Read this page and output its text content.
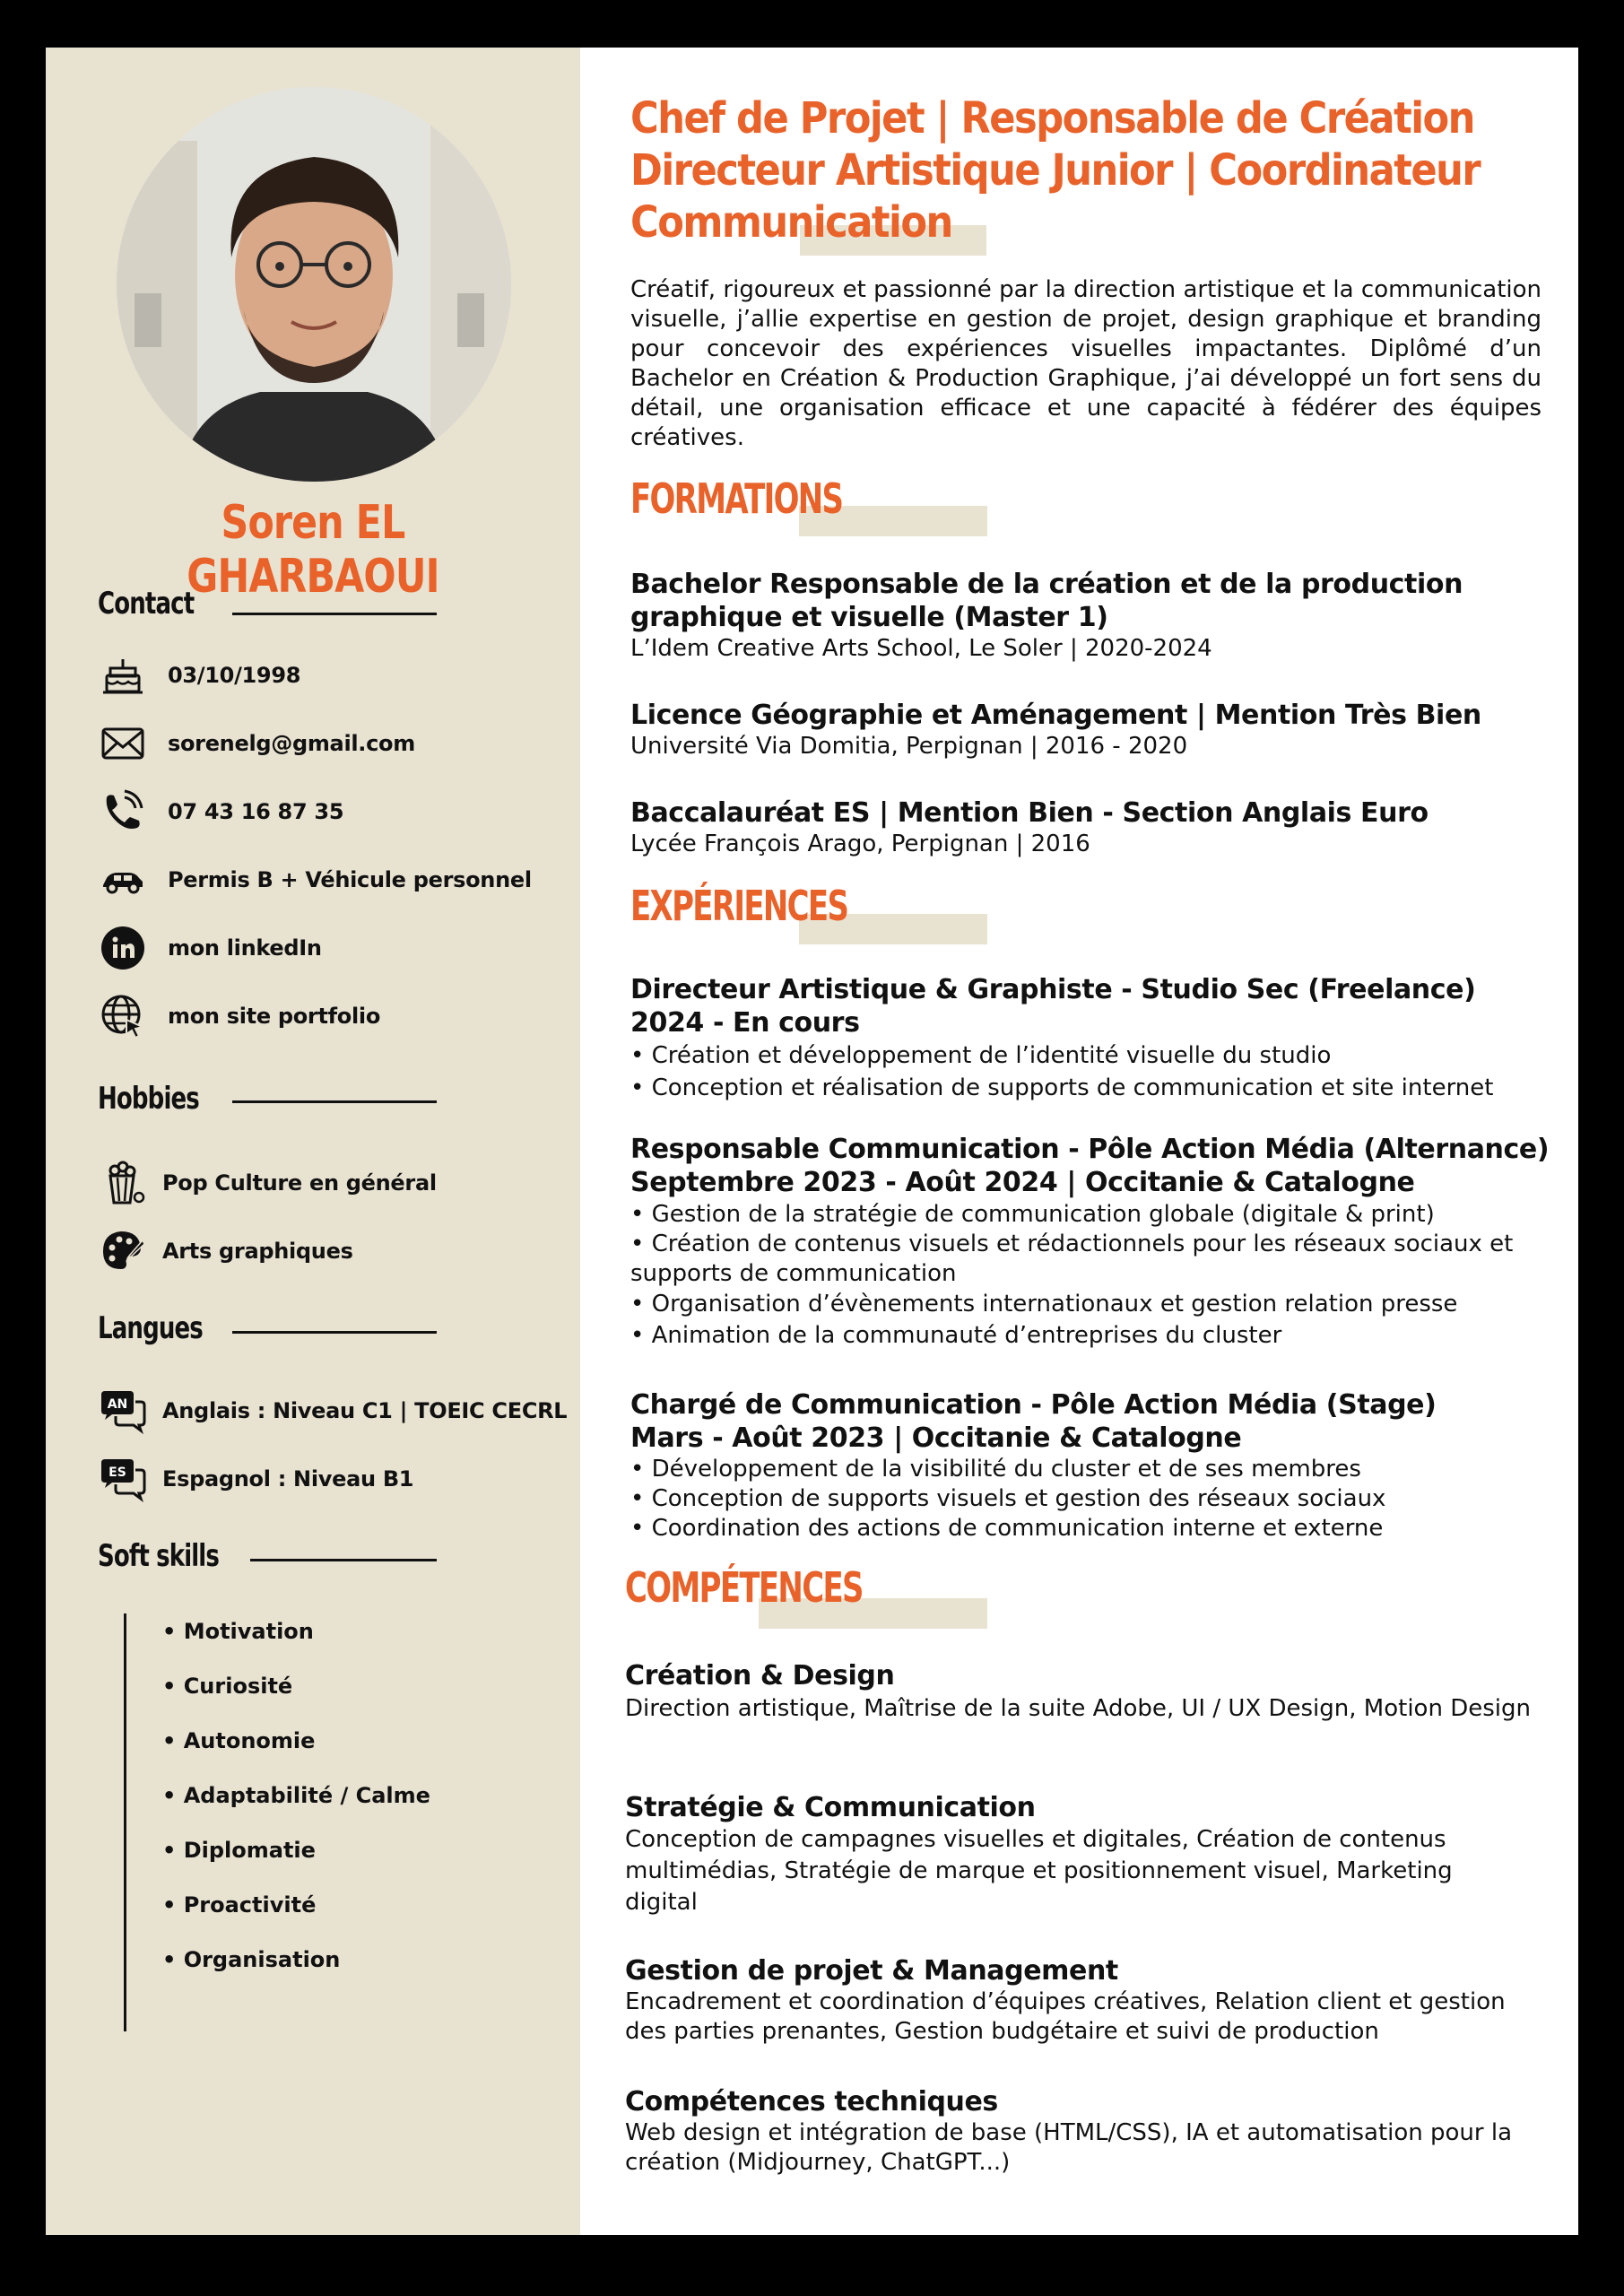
Soren EL GHARBAOUI
Contact
03/10/1998
sorenelg@gmail.com
07 43 16 87 35
Permis B + Véhicule personnel
mon linkedIn
mon site portfolio
Hobbies
Pop Culture en général
Arts graphiques
Langues
AN Anglais : Niveau C1 | TOEIC CECRL
ES Espagnol : Niveau B1
Soft skills
• Motivation
• Curiosité
• Autonomie
• Adaptabilité / Calme
• Diplomatie
• Proactivité
• Organisation
Chef de Projet | Responsable de Création
Directeur Artistique Junior | Coordinateur
Communication
Créatif, rigoureux et passionné par la direction artistique et la communication visuelle, j’allie expertise en gestion de projet, design graphique et branding pour concevoir des expériences visuelles impactantes. Diplômé d’un Bachelor en Création & Production Graphique, j’ai développé un fort sens du détail, une organisation efficace et une capacité à fédérer des équipes créatives.
FORMATIONS
Bachelor Responsable de la création et de la production graphique et visuelle (Master 1)
L’Idem Creative Arts School, Le Soler | 2020-2024
Licence Géographie et Aménagement | Mention Très Bien
Université Via Domitia, Perpignan | 2016 - 2020
Baccalauréat ES | Mention Bien - Section Anglais Euro
Lycée François Arago, Perpignan | 2016
EXPÉRIENCES
Directeur Artistique & Graphiste - Studio Sec (Freelance)
2024 - En cours
• Création et développement de l’identité visuelle du studio
• Conception et réalisation de supports de communication et site internet
Responsable Communication - Pôle Action Média (Alternance)
Septembre 2023 - Août 2024 | Occitanie & Catalogne
• Gestion de la stratégie de communication globale (digitale & print)
• Création de contenus visuels et rédactionnels pour les réseaux sociaux et supports de communication
• Organisation d’évènements internationaux et gestion relation presse
• Animation de la communauté d’entreprises du cluster
Chargé de Communication - Pôle Action Média (Stage)
Mars - Août 2023 | Occitanie & Catalogne
• Développement de la visibilité du cluster et de ses membres
• Conception de supports visuels et gestion des réseaux sociaux
• Coordination des actions de communication interne et externe
COMPÉTENCES
Création & Design
Direction artistique, Maîtrise de la suite Adobe, UI / UX Design, Motion Design
Stratégie & Communication
Conception de campagnes visuelles et digitales, Création de contenus multimédias, Stratégie de marque et positionnement visuel, Marketing digital
Gestion de projet & Management
Encadrement et coordination d’équipes créatives, Relation client et gestion des parties prenantes, Gestion budgétaire et suivi de production
Compétences techniques
Web design et intégration de base (HTML/CSS), IA et automatisation pour la création (Midjourney, ChatGPT...)
